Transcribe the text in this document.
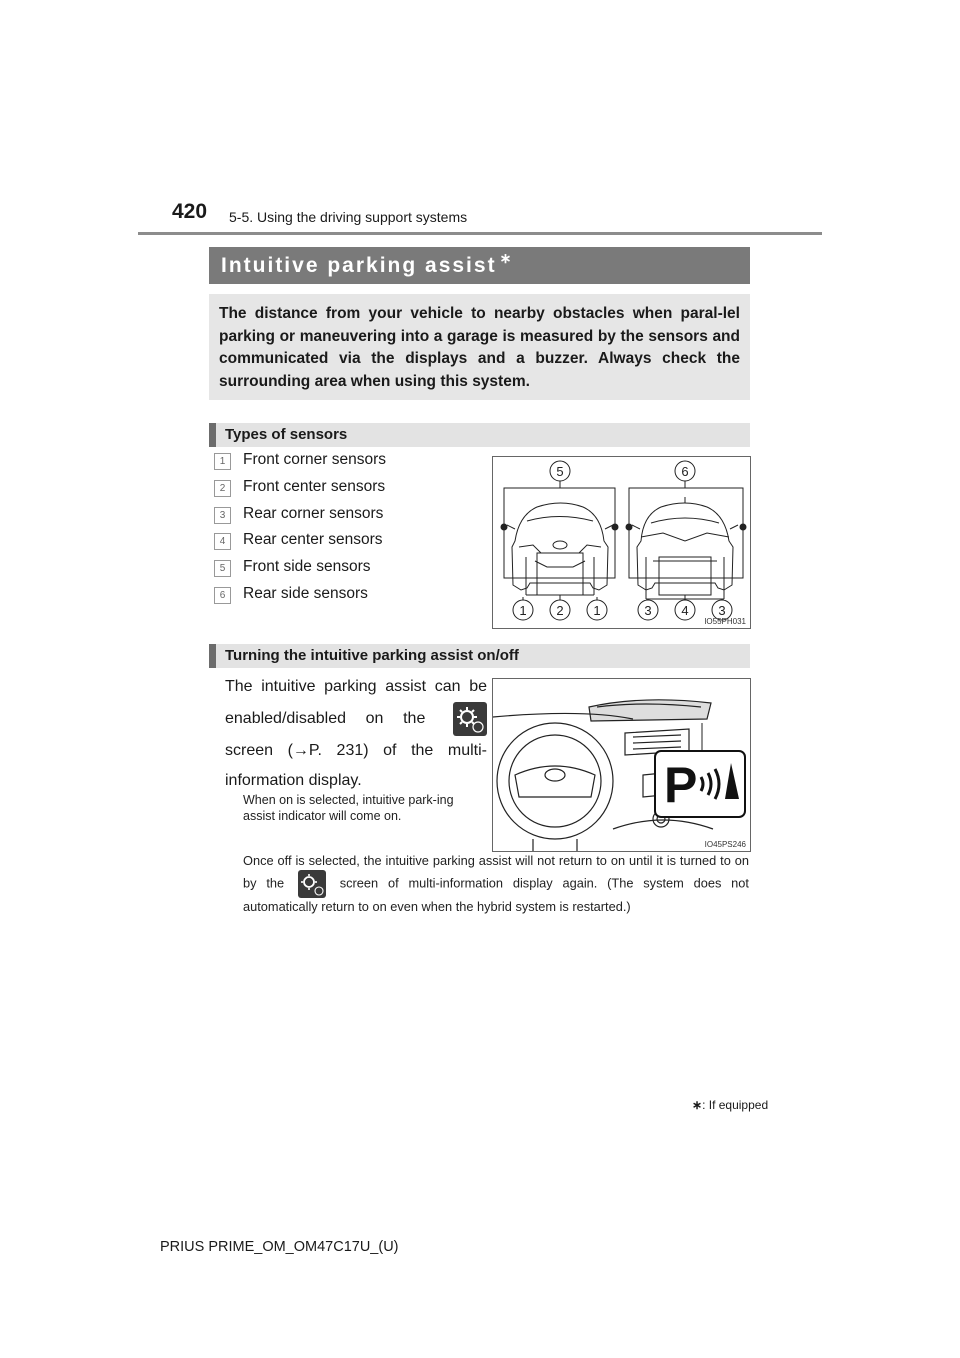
420 5-5. Using the driving support systems
Intuitive parking assist ∗
The distance from your vehicle to nearby obstacles when paral-lel parking or maneuvering into a garage is measured by the sensors and communicated via the displays and a buzzer. Always check the surrounding area when using this system.
Types of sensors
1	Front corner sensors
2	Front center sensors
3	Rear corner sensors
4	Rear center sensors
5	Front side sensors
6	Rear side sensors
5	6
1 2 1	3 4 3
IO55PH031
Turning the intuitive parking assist on/off
The intuitive parking assist can be enabled/disabled on the  screen (→P. 231) of the multi-information display.
When on is selected, intuitive park-ing assist indicator will come on.
P
IO45PS246
Once off is selected, the intuitive parking assist will not return to on until it is turned to on by the	screen of multi-information display again. (The system does not automatically return to on even when the hybrid system is restarted.)
∗: If equipped
PRIUS PRIME_OM_OM47C17U_(U)
